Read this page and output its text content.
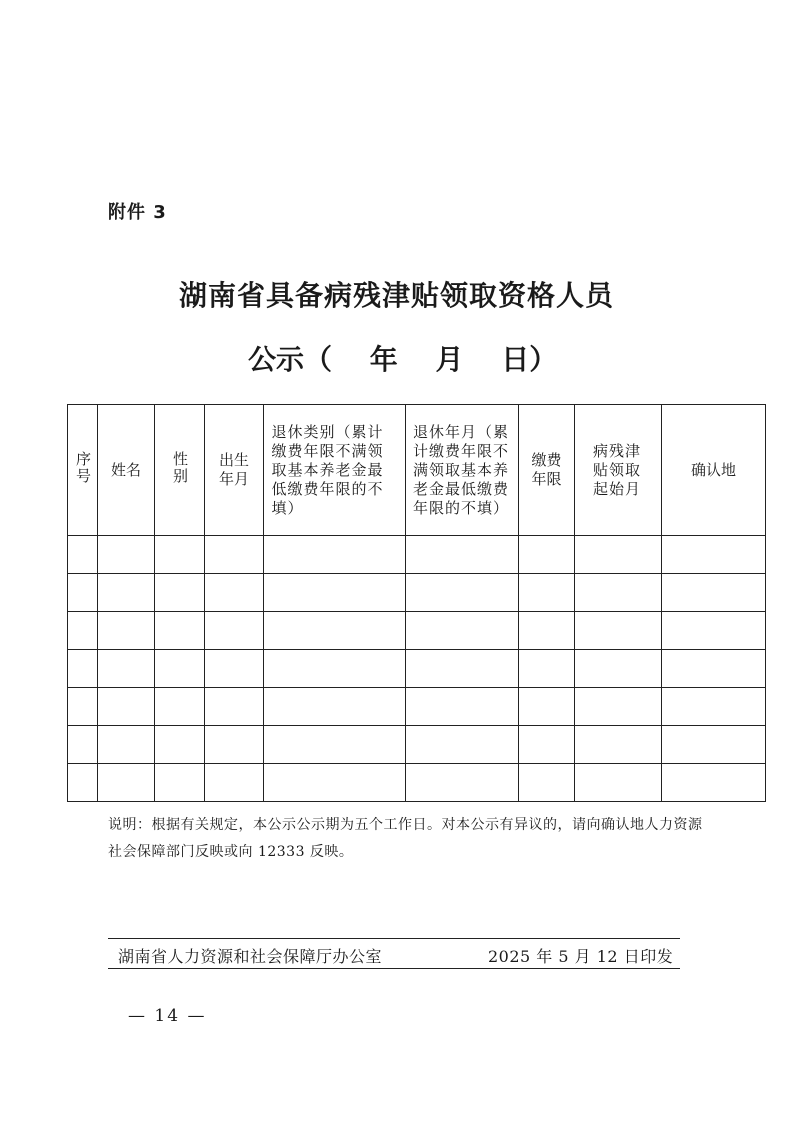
附件 3
湖南省具备病残津贴领取资格人员
公示（　 年 　月 　日）
序号	姓名	性别	出生年月	退休类别（累计缴费年限不满领取基本养老金最低缴费年限的不填）	退休年月（累计缴费年限不满领取基本养老金最低缴费年限的不填）	缴费年限	病残津贴领取起始月	确认地

说明：根据有关规定，本公示公示期为五个工作日。对本公示有异议的，请向确认地人力资源社会保障部门反映或向 12333 反映。
湖南省人力资源和社会保障厅办公室	2025 年 5 月 12 日印发
— 14 —
